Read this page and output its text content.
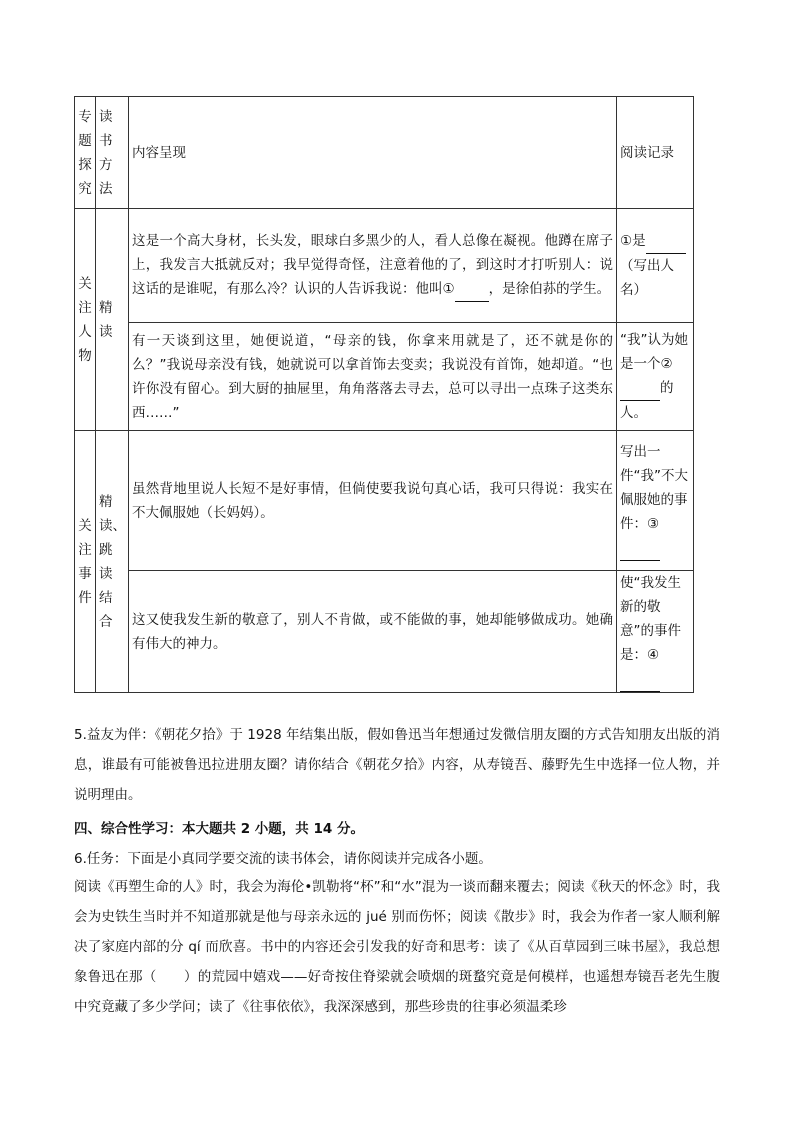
专题探究	读书方法	内容呈现	阅读记录
关注人物	精读	这是一个高大身材，长头发，眼球白多黑少的人，看人总像在凝视。他蹲在席子上，我发言大抵就反对；我早觉得奇怪，注意着他的了，到这时才打听别人：说这话的是谁呢，有那么冷？认识的人告诉我说：他叫① ，是徐伯荪的学生。	①是 （写出人名）
		有一天谈到这里，她便说道，“母亲的钱，你拿来用就是了，还不就是你的么？”我说母亲没有钱，她就说可以拿首饰去变卖；我说没有首饰，她却道。“也许你没有留心。到大厨的抽屉里，角角落落去寻去，总可以寻出一点珠子这类东西……”	“我”认为她是一个② 的人。
关注事件	精读、跳读结合	虽然背地里说人长短不是好事情，但倘使要我说句真心话，我可只得说：我实在不大佩服她（长妈妈）。	写出一件“我”不大佩服她的事件：③

		这又使我发生新的敬意了，别人不肯做，或不能做的事，她却能够做成功。她确有伟大的神力。	使“我发生新的敬意”的事件是：④

5.益友为伴：《朝花夕拾》于 1928 年结集出版，假如鲁迅当年想通过发微信朋友圈的方式告知朋友出版的消息，谁最有可能被鲁迅拉进朋友圈？请你结合《朝花夕拾》内容，从寿镜吾、藤野先生中选择一位人物，并说明理由。

四、综合性学习：本大题共 2 小题，共 14 分。

6.任务：下面是小真同学要交流的读书体会，请你阅读并完成各小题。

阅读《再塑生命的人》时，我会为海伦•凯勒将“杯”和“水”混为一谈而翻来覆去；阅读《秋天的怀念》时，我会为史铁生当时并不知道那就是他与母亲永远的 jué 别而伤怀；阅读《散步》时，我会为作者一家人顺利解决了家庭内部的分 qí 而欣喜。书中的内容还会引发我的好奇和思考：读了《从百草园到三味书屋》，我总想象鲁迅在那（　　）的荒园中嬉戏——好奇按住脊梁就会喷烟的斑蝥究竟是何模样，也遥想寿镜吾老先生腹中究竟藏了多少学问；读了《往事依依》，我深深感到，那些珍贵的往事必须温柔珍
